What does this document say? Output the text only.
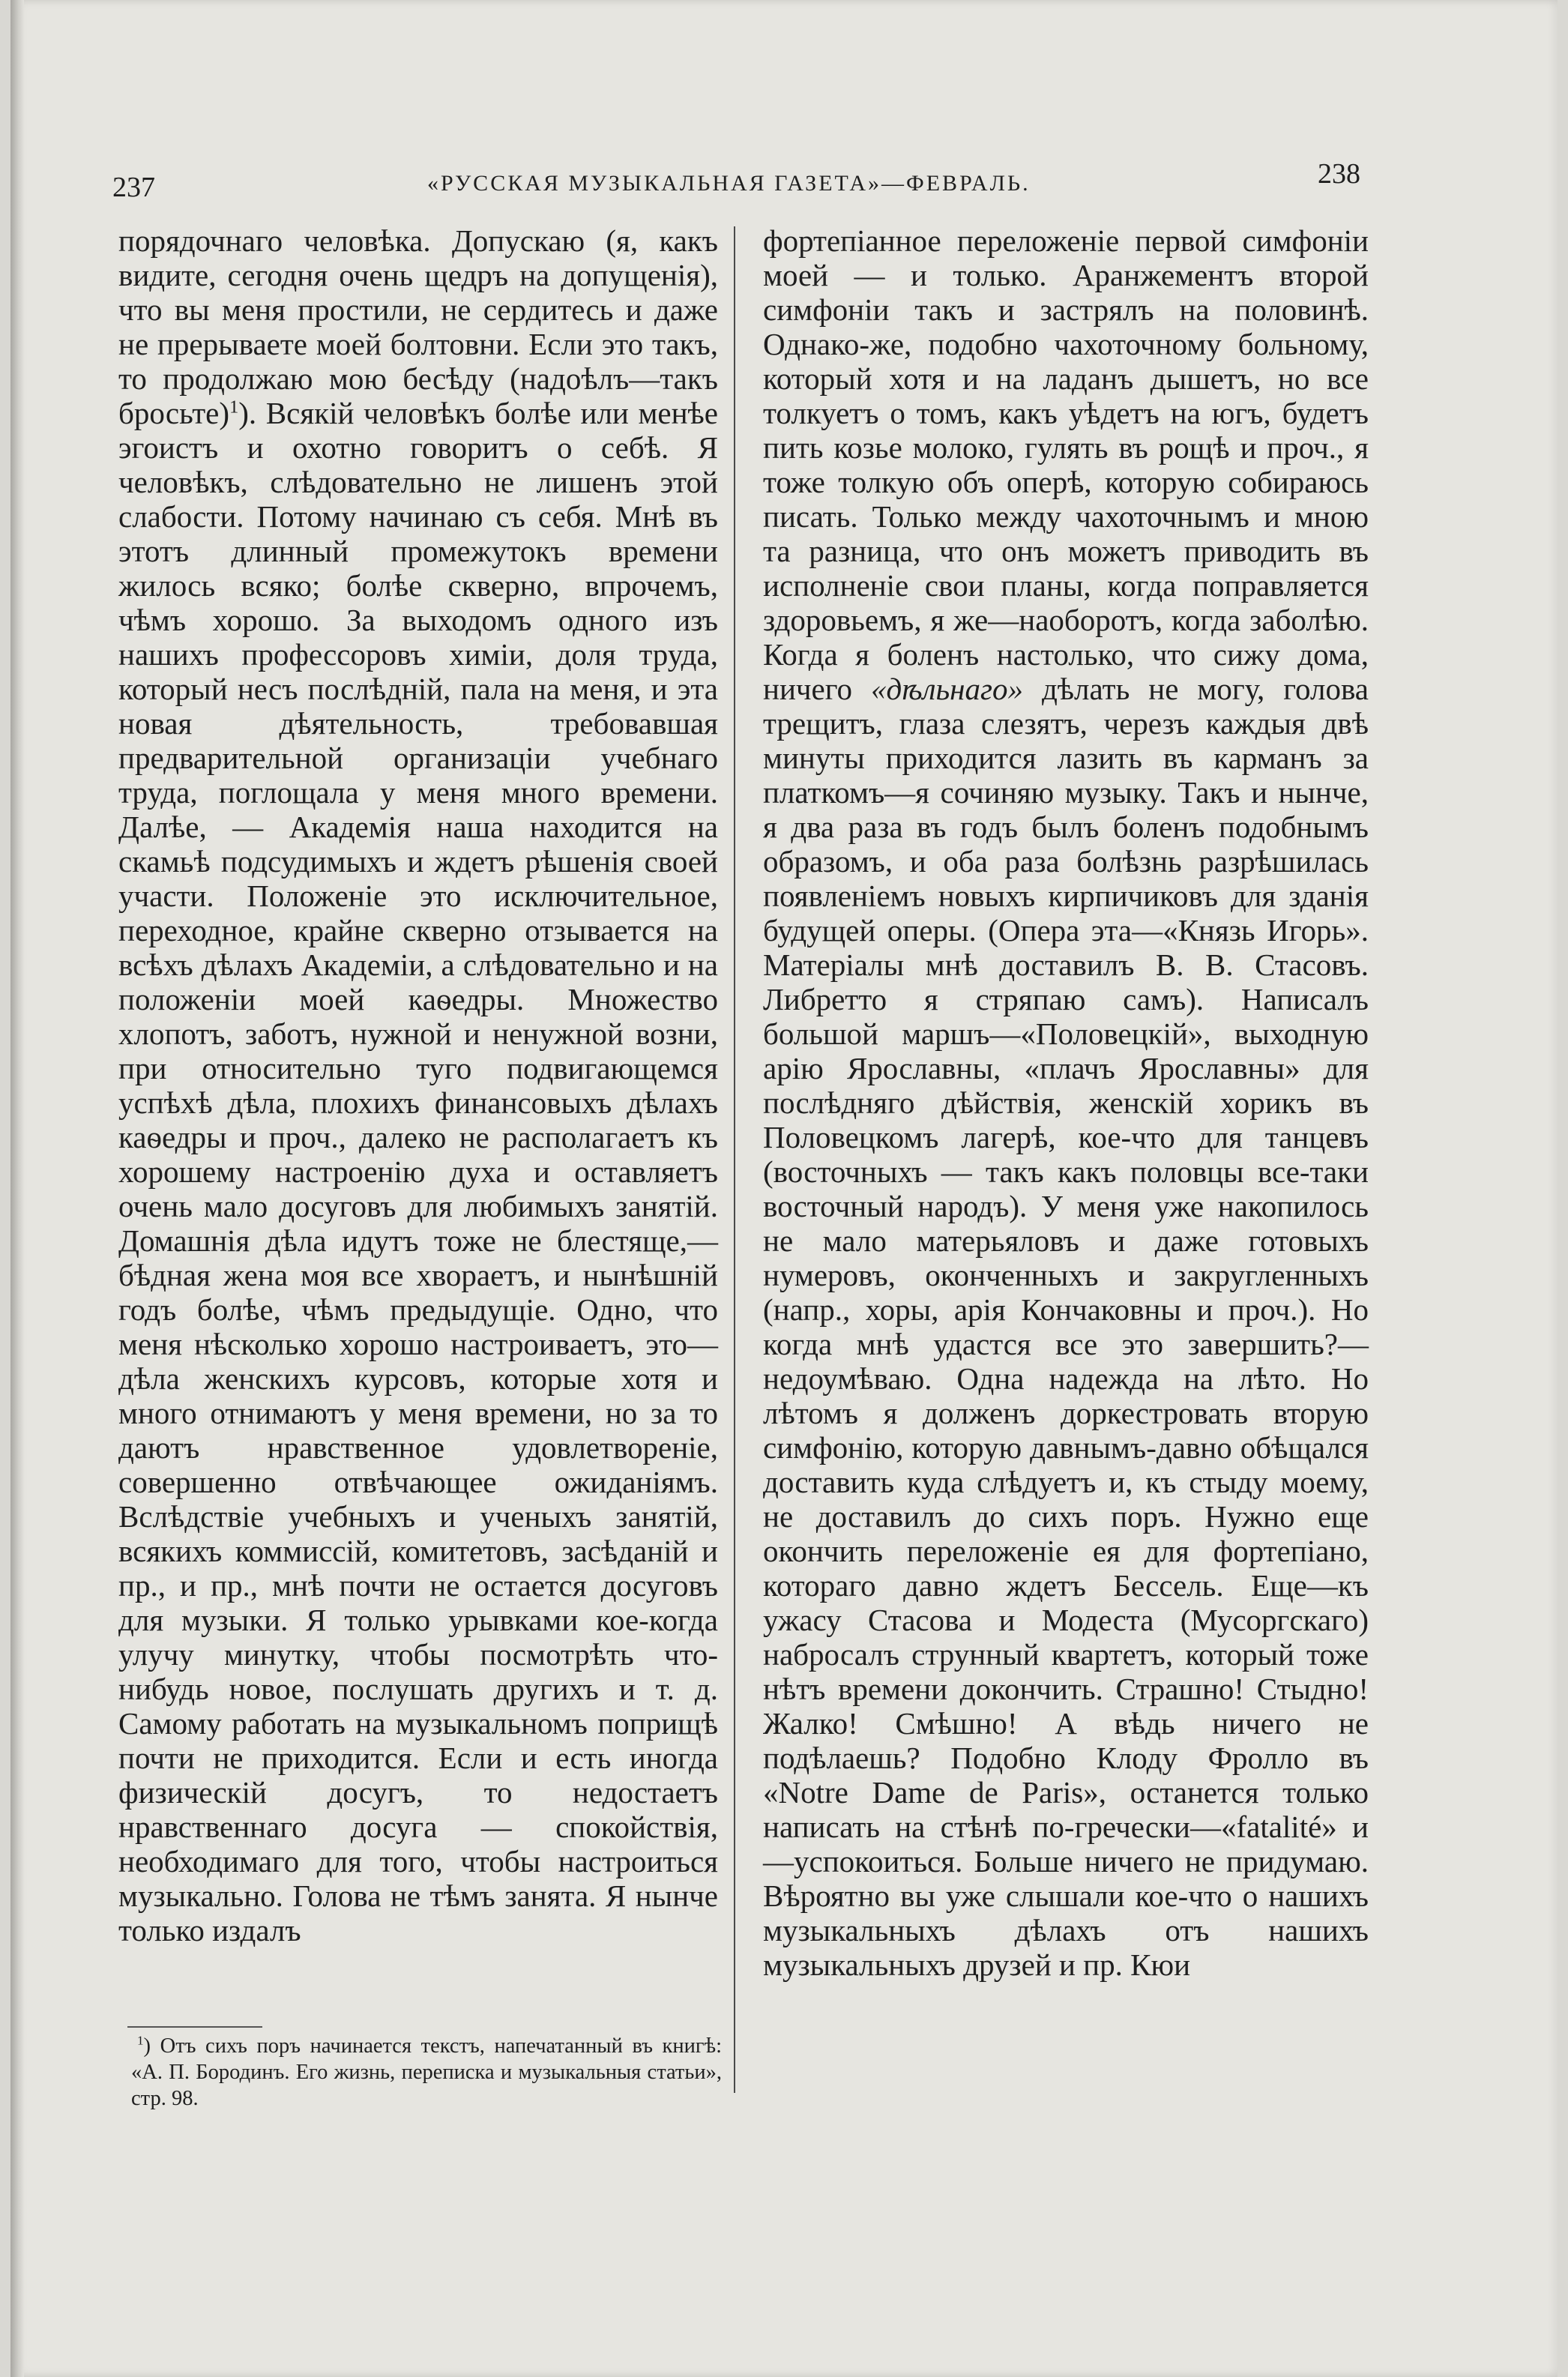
237	«РУССКАЯ МУЗЫКАЛЬНАЯ ГАЗЕТА»—ФЕВРАЛЬ.	238

порядочнаго человѣка. Допускаю (я, какъ видите, сегодня очень щедръ на допущенія), что вы меня простили, не сердитесь и даже не прерываете моей болтовни. Если это такъ, то продолжаю мою бесѣду (надоѣлъ—такъ бросьте)$^1$). Всякій человѣкъ болѣе или менѣе эгоистъ и охотно говоритъ о себѣ. Я человѣкъ, слѣдовательно не лишенъ этой слабости. Потому начинаю съ себя. Мнѣ въ этотъ длинный промежутокъ времени жилось всяко; болѣе скверно, впрочемъ, чѣмъ хорошо. За выходомъ одного изъ нашихъ профессоровъ химіи, доля труда, который несъ послѣдній, пала на меня, и эта новая дѣятельность, требовавшая предварительной организаціи учебнаго труда, поглощала у меня много времени. Далѣе, — Академія наша находится на скамьѣ подсудимыхъ и ждетъ рѣшенія своей участи. Положеніе это исключительное, переходное, крайне скверно отзывается на всѣхъ дѣлахъ Академіи, а слѣдовательно и на положеніи моей каѳедры. Множество хлопотъ, заботъ, нужной и ненужной возни, при относительно туго подвигающемся успѣхѣ дѣла, плохихъ финансовыхъ дѣлахъ каѳедры и проч., далеко не располагаетъ къ хорошему настроенію духа и оставляетъ очень мало досуговъ для любимыхъ занятій. Домашнія дѣла идутъ тоже не блестяще,—бѣдная жена моя все хвораетъ, и нынѣшній годъ болѣе, чѣмъ предыдущіе. Одно, что меня нѣсколько хорошо настроиваетъ, это—дѣла женскихъ курсовъ, которые хотя и много отнимаютъ у меня времени, но за то даютъ нравственное удовлетвореніе, совершенно отвѣчающее ожиданіямъ. Вслѣдствіе учебныхъ и ученыхъ занятій, всякихъ коммиссій, комитетовъ, засѣданій и пр., и пр., мнѣ почти не остается досуговъ для музыки. Я только урывками кое-когда улучу минутку, чтобы посмотрѣть что-нибудь новое, послушать другихъ и т. д. Самому работать на музыкальномъ поприщѣ почти не приходится. Если и есть иногда физическій досугъ, то недостаетъ нравственнаго досуга — спокойствія, необходимаго для того, чтобы настроиться музыкально. Голова не тѣмъ занята. Я нынче только издалъ

фортепіанное переложеніе первой симфоніи моей — и только. Аранжементъ второй симфоніи такъ и застрялъ на половинѣ. Однако-же, подобно чахоточному больному, который хотя и на ладанъ дышетъ, но все толкуетъ о томъ, какъ уѣдетъ на югъ, будетъ пить козье молоко, гулять въ рощѣ и проч., я тоже толкую объ оперѣ, которую собираюсь писать. Только между чахоточнымъ и мною та разница, что онъ можетъ приводить въ исполненіе свои планы, когда поправляется здоровьемъ, я же—наоборотъ, когда заболѣю. Когда я боленъ настолько, что сижу дома, ничего «дѣльнаго» дѣлать не могу, голова трещитъ, глаза слезятъ, черезъ каждыя двѣ минуты приходится лазить въ карманъ за платкомъ—я сочиняю музыку. Такъ и нынче, я два раза въ годъ былъ боленъ подобнымъ образомъ, и оба раза болѣзнь разрѣшилась появленіемъ новыхъ кирпичиковъ для зданія будущей оперы. (Опера эта—«Князь Игорь». Матеріалы мнѣ доставилъ В. В. Стасовъ. Либретто я стряпаю самъ). Написалъ большой маршъ—«Половецкій», выходную арію Ярославны, «плачъ Ярославны» для послѣдняго дѣйствія, женскій хорикъ въ Половецкомъ лагерѣ, кое-что для танцевъ (восточныхъ — такъ какъ половцы все-таки восточный народъ). У меня уже накопилось не мало матерьяловъ и даже готовыхъ нумеровъ, оконченныхъ и закругленныхъ (напр., хоры, арія Кончаковны и проч.). Но когда мнѣ удастся все это завершить?—недоумѣваю. Одна надежда на лѣто. Но лѣтомъ я долженъ доркестровать вторую симфонію, которую давнымъ-давно обѣщался доставить куда слѣдуетъ и, къ стыду моему, не доставилъ до сихъ поръ. Нужно еще окончить переложеніе ея для фортепіано, котораго давно ждетъ Бессель. Еще—къ ужасу Стасова и Модеста (Мусоргскаго) набросалъ струнный квартетъ, который тоже нѣтъ времени докончить. Страшно! Стыдно! Жалко! Смѣшно! А вѣдь ничего не подѣлаешь? Подобно Клоду Фролло въ «Notre Dame de Paris», останется только написать на стѣнѣ по-гречески—«fatalité» и—успокоиться. Больше ничего не придумаю. Вѣроятно вы уже слышали кое-что о нашихъ музыкальныхъ дѣлахъ отъ нашихъ музыкальныхъ друзей и пр. Кюи

$^1$) Отъ сихъ поръ начинается текстъ, напечатанный въ книгѣ: «А. П. Бородинъ. Его жизнь, переписка и музыкальныя статьи», стр. 98.
